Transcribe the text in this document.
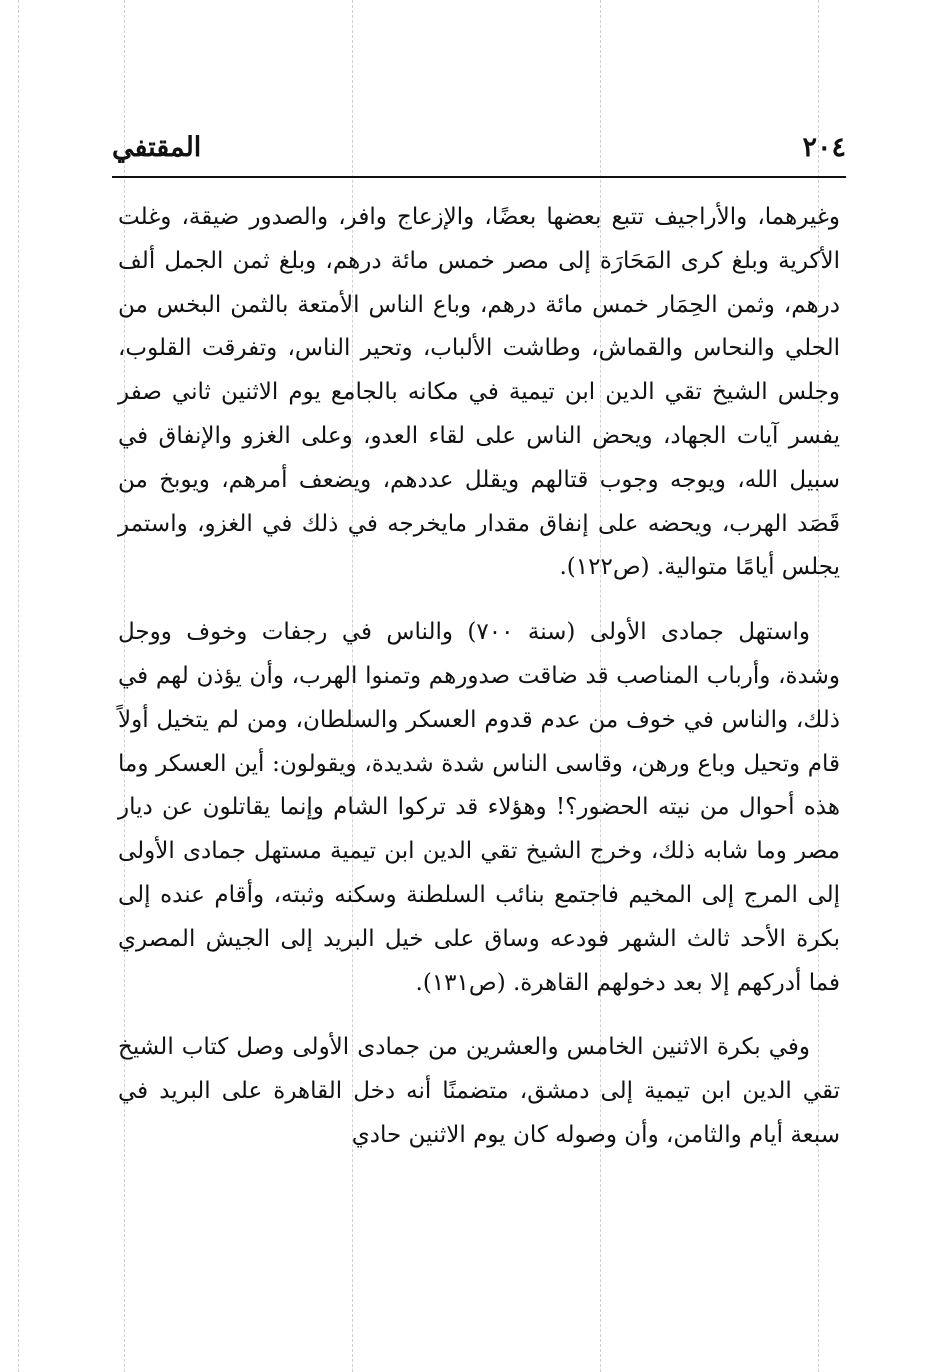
٢٠٤
المقتفي

وغيرهما، والأراجيف تتبع بعضها بعضًا، والإزعاج وافر، والصدور ضيقة، وغلت الأكرية وبلغ كرى المَحَارَة إلى مصر خمس مائة درهم، وبلغ ثمن الجمل ألف درهم، وثمن الحِمَار خمس مائة درهم، وباع الناس الأمتعة بالثمن البخس من الحلي والنحاس والقماش، وطاشت الألباب، وتحير الناس، وتفرقت القلوب، وجلس الشيخ تقي الدين ابن تيمية في مكانه بالجامع يوم الاثنين ثاني صفر يفسر آيات الجهاد، ويحض الناس على لقاء العدو، وعلى الغزو والإنفاق في سبيل الله، ويوجه وجوب قتالهم ويقلل عددهم، ويضعف أمرهم، ويوبخ من قَصَد الهرب، ويحضه على إنفاق مقدار مايخرجه في ذلك في الغزو، واستمر يجلس أيامًا متوالية. (ص١٢٢).

واستهل جمادى الأولى (سنة ٧٠٠) والناس في رجفات وخوف ووجل وشدة، وأرباب المناصب قد ضاقت صدورهم وتمنوا الهرب، وأن يؤذن لهم في ذلك، والناس في خوف من عدم قدوم العسكر والسلطان، ومن لم يتخيل أولاً قام وتحيل وباع ورهن، وقاسى الناس شدة شديدة، ويقولون: أين العسكر وما هذه أحوال من نيته الحضور؟! وهؤلاء قد تركوا الشام وإنما يقاتلون عن ديار مصر وما شابه ذلك، وخرج الشيخ تقي الدين ابن تيمية مستهل جمادى الأولى إلى المرج إلى المخيم فاجتمع بنائب السلطنة وسكنه وثبته، وأقام عنده إلى بكرة الأحد ثالث الشهر فودعه وساق على خيل البريد إلى الجيش المصري فما أدركهم إلا بعد دخولهم القاهرة. (ص١٣١).

وفي بكرة الاثنين الخامس والعشرين من جمادى الأولى وصل كتاب الشيخ تقي الدين ابن تيمية إلى دمشق، متضمنًا أنه دخل القاهرة على البريد في سبعة أيام والثامن، وأن وصوله كان يوم الاثنين حادي
